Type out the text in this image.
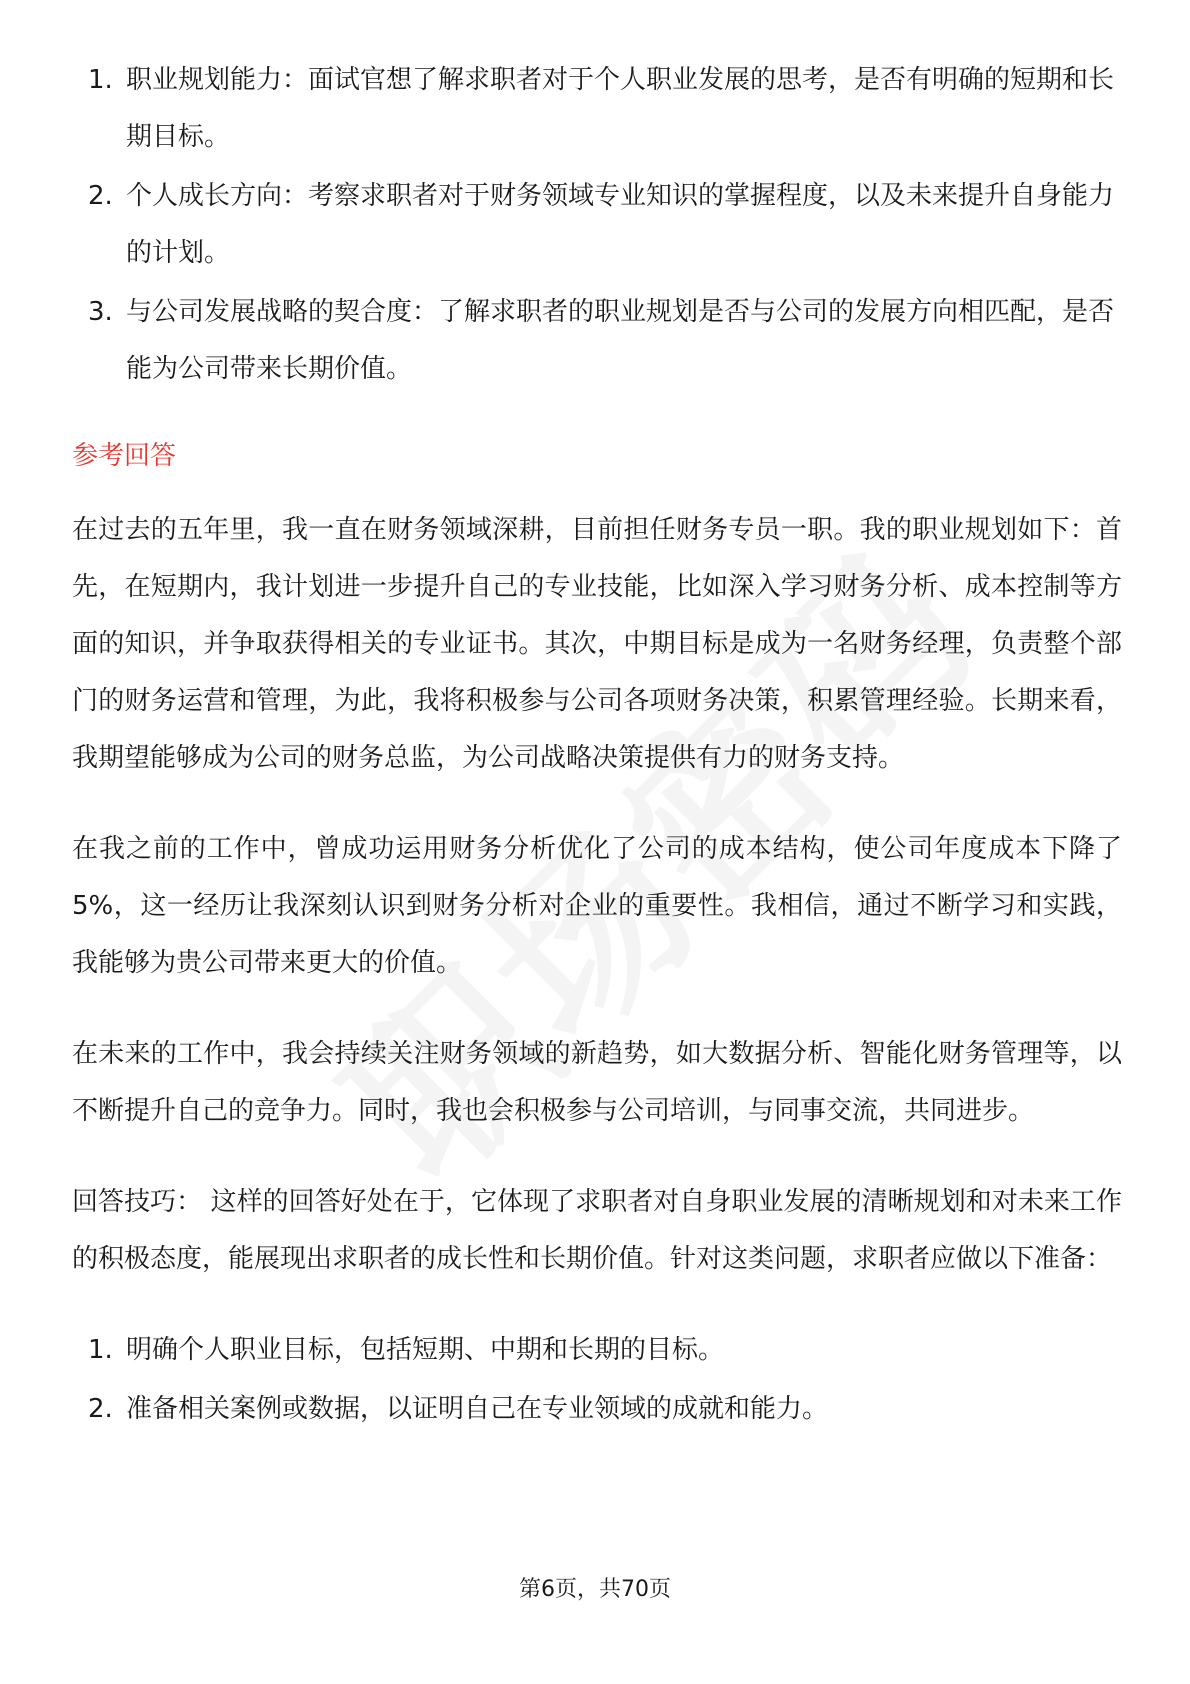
1. 职业规划能力：面试官想了解求职者对于个人职业发展的思考，是否有明确的短期和长期目标。
2. 个人成长方向：考察求职者对于财务领域专业知识的掌握程度，以及未来提升自身能力的计划。
3. 与公司发展战略的契合度：了解求职者的职业规划是否与公司的发展方向相匹配，是否能为公司带来长期价值。
参考回答

在过去的五年里，我一直在财务领域深耕，目前担任财务专员一职。我的职业规划如下：首先，在短期内，我计划进一步提升自己的专业技能，比如深入学习财务分析、成本控制等方面的知识，并争取获得相关的专业证书。其次，中期目标是成为一名财务经理，负责整个部门的财务运营和管理，为此，我将积极参与公司各项财务决策，积累管理经验。长期来看，我期望能够成为公司的财务总监，为公司战略决策提供有力的财务支持。

在我之前的工作中，曾成功运用财务分析优化了公司的成本结构，使公司年度成本下降了5%，这一经历让我深刻认识到财务分析对企业的重要性。我相信，通过不断学习和实践，我能够为贵公司带来更大的价值。

在未来的工作中，我会持续关注财务领域的新趋势，如大数据分析、智能化财务管理等，以不断提升自己的竞争力。同时，我也会积极参与公司培训，与同事交流，共同进步。

回答技巧： 这样的回答好处在于，它体现了求职者对自身职业发展的清晰规划和对未来工作的积极态度，能展现出求职者的成长性和长期价值。针对这类问题，求职者应做以下准备：

1. 明确个人职业目标，包括短期、中期和长期的目标。
2. 准备相关案例或数据，以证明自己在专业领域的成就和能力。
第6页，共70页
